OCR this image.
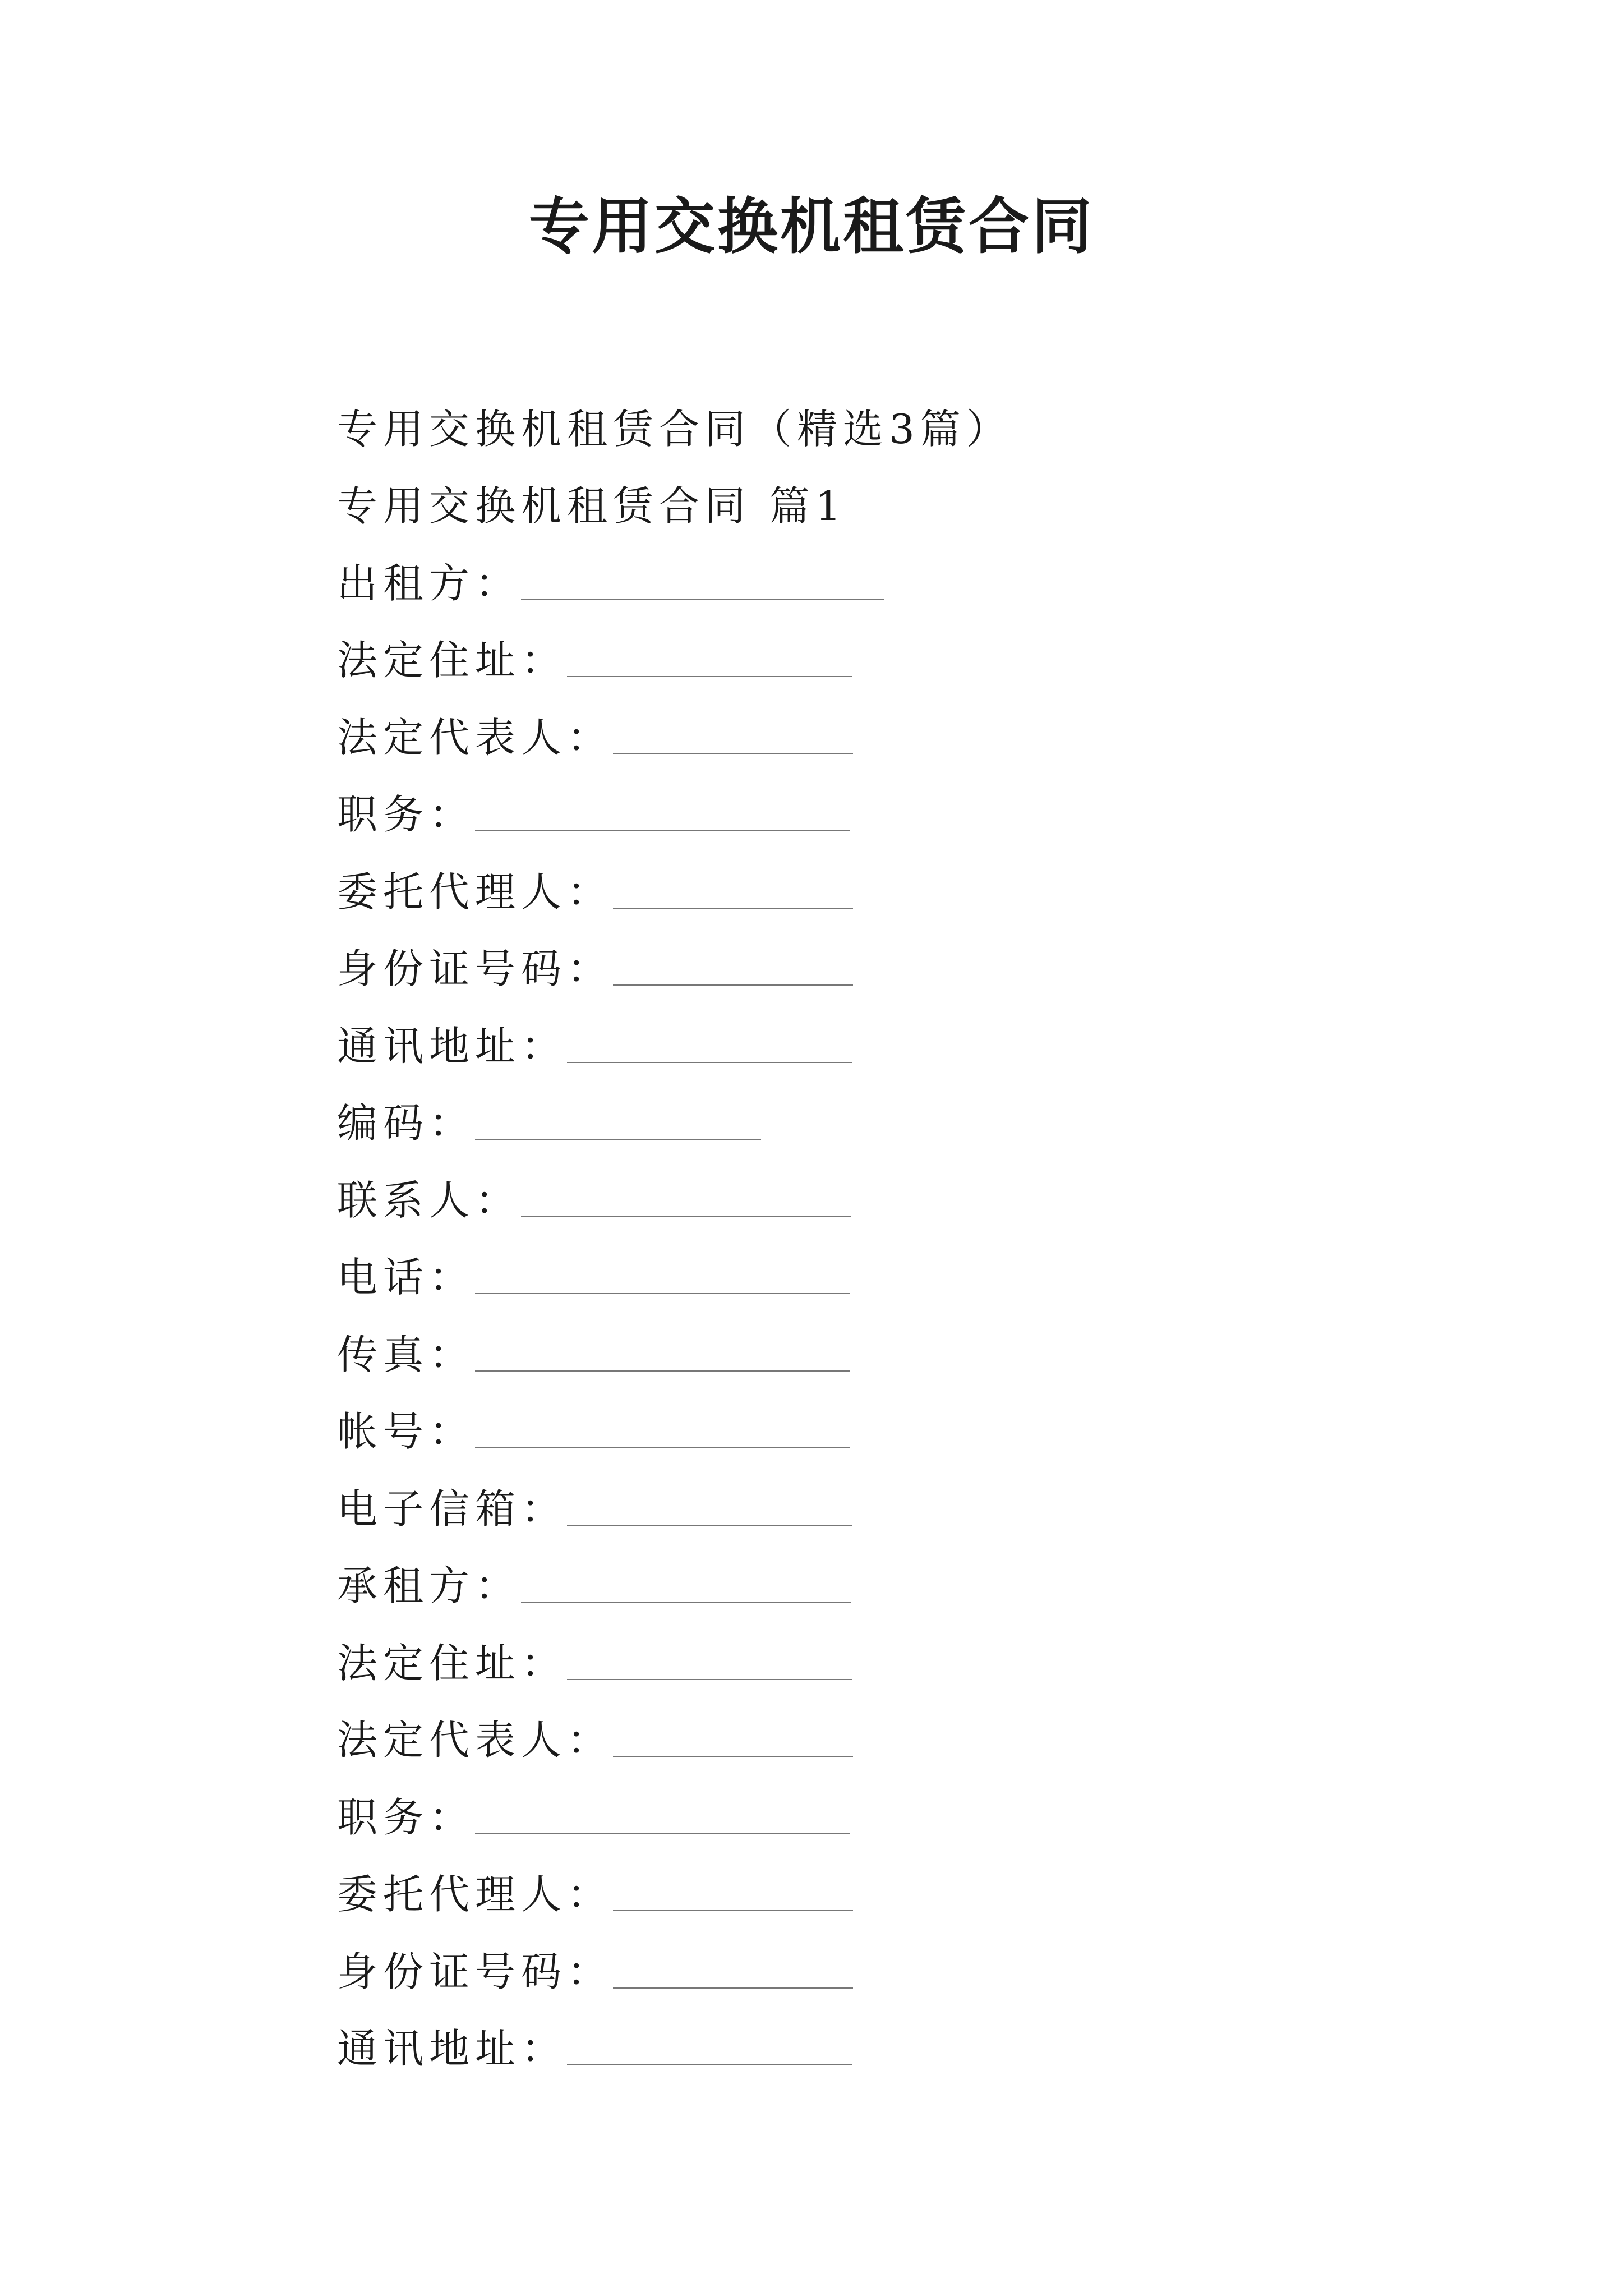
专用交换机租赁合同
专用交换机租赁合同（精选3篇）
专用交换机租赁合同 篇1
出租方：
法定住址：
法定代表人：
职务：
委托代理人：
身份证号码：
通讯地址：
编码：
联系人：
电话：
传真：
帐号：
电子信箱：
承租方：
法定住址：
法定代表人：
职务：
委托代理人：
身份证号码：
通讯地址：
